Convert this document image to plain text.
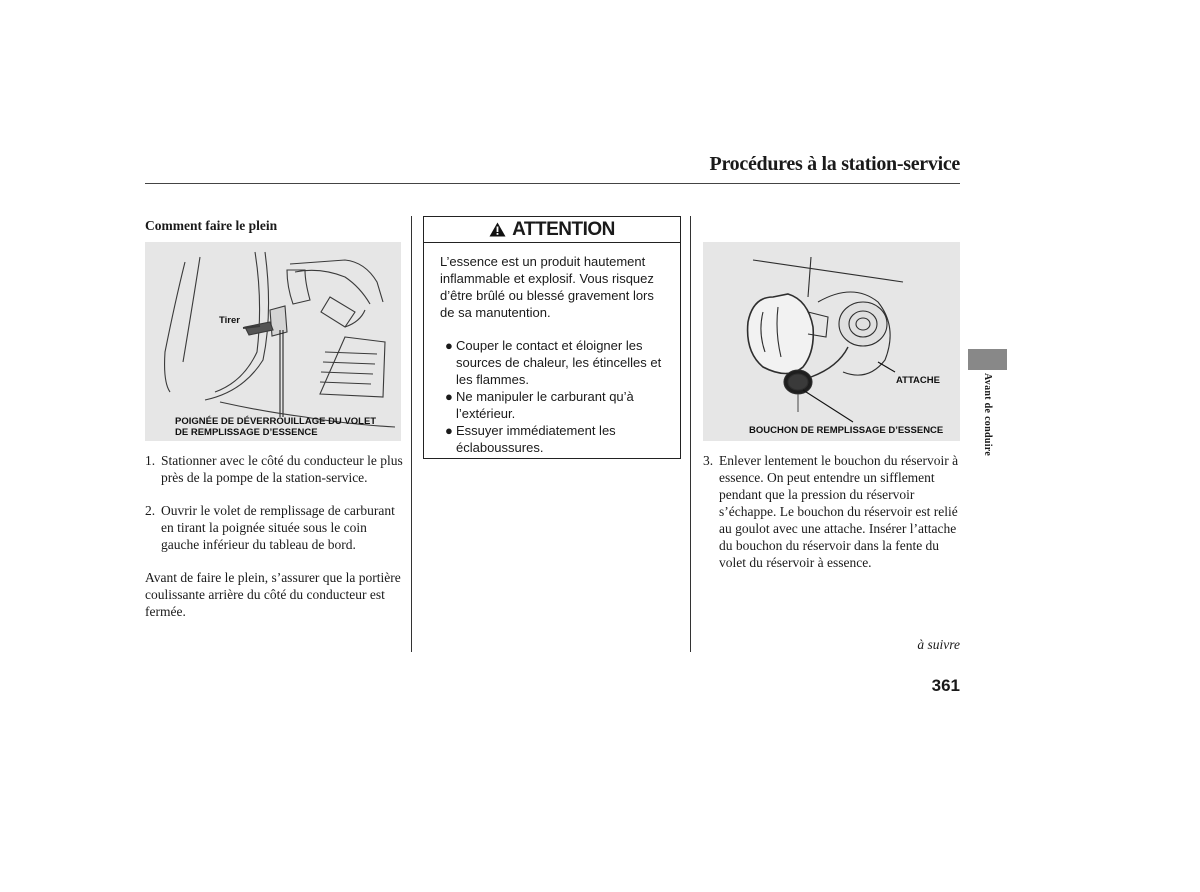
Procédures à la station-service
Comment faire le plein
Tirer
POIGNÉE DE DÉVERROUILLAGE DU VOLET
DE REMPLISSAGE D’ESSENCE
1. Stationner avec le côté du conducteur le plus près de la pompe de la station-service.
2. Ouvrir le volet de remplissage de carburant en tirant la poignée située sous le coin gauche inférieur du tableau de bord.
Avant de faire le plein, s’assurer que la portière coulissante arrière du côté du conducteur est fermée.
ATTENTION

L’essence est un produit hautement inflammable et explosif. Vous risquez d’être brûlé ou blessé gravement lors de sa manutention.

● Couper le contact et éloigner les sources de chaleur, les étincelles et les flammes.
● Ne manipuler le carburant qu’à l’extérieur.
● Essuyer immédiatement les éclaboussures.
ATTACHE
BOUCHON DE REMPLISSAGE D’ESSENCE
3. Enlever lentement le bouchon du réservoir à essence. On peut entendre un sifflement pendant que la pression du réservoir s’échappe. Le bouchon du réservoir est relié au goulot avec une attache. Insérer l’attache du bouchon du réservoir dans la fente du volet du réservoir à essence.
à suivre
361
Avant de conduire
